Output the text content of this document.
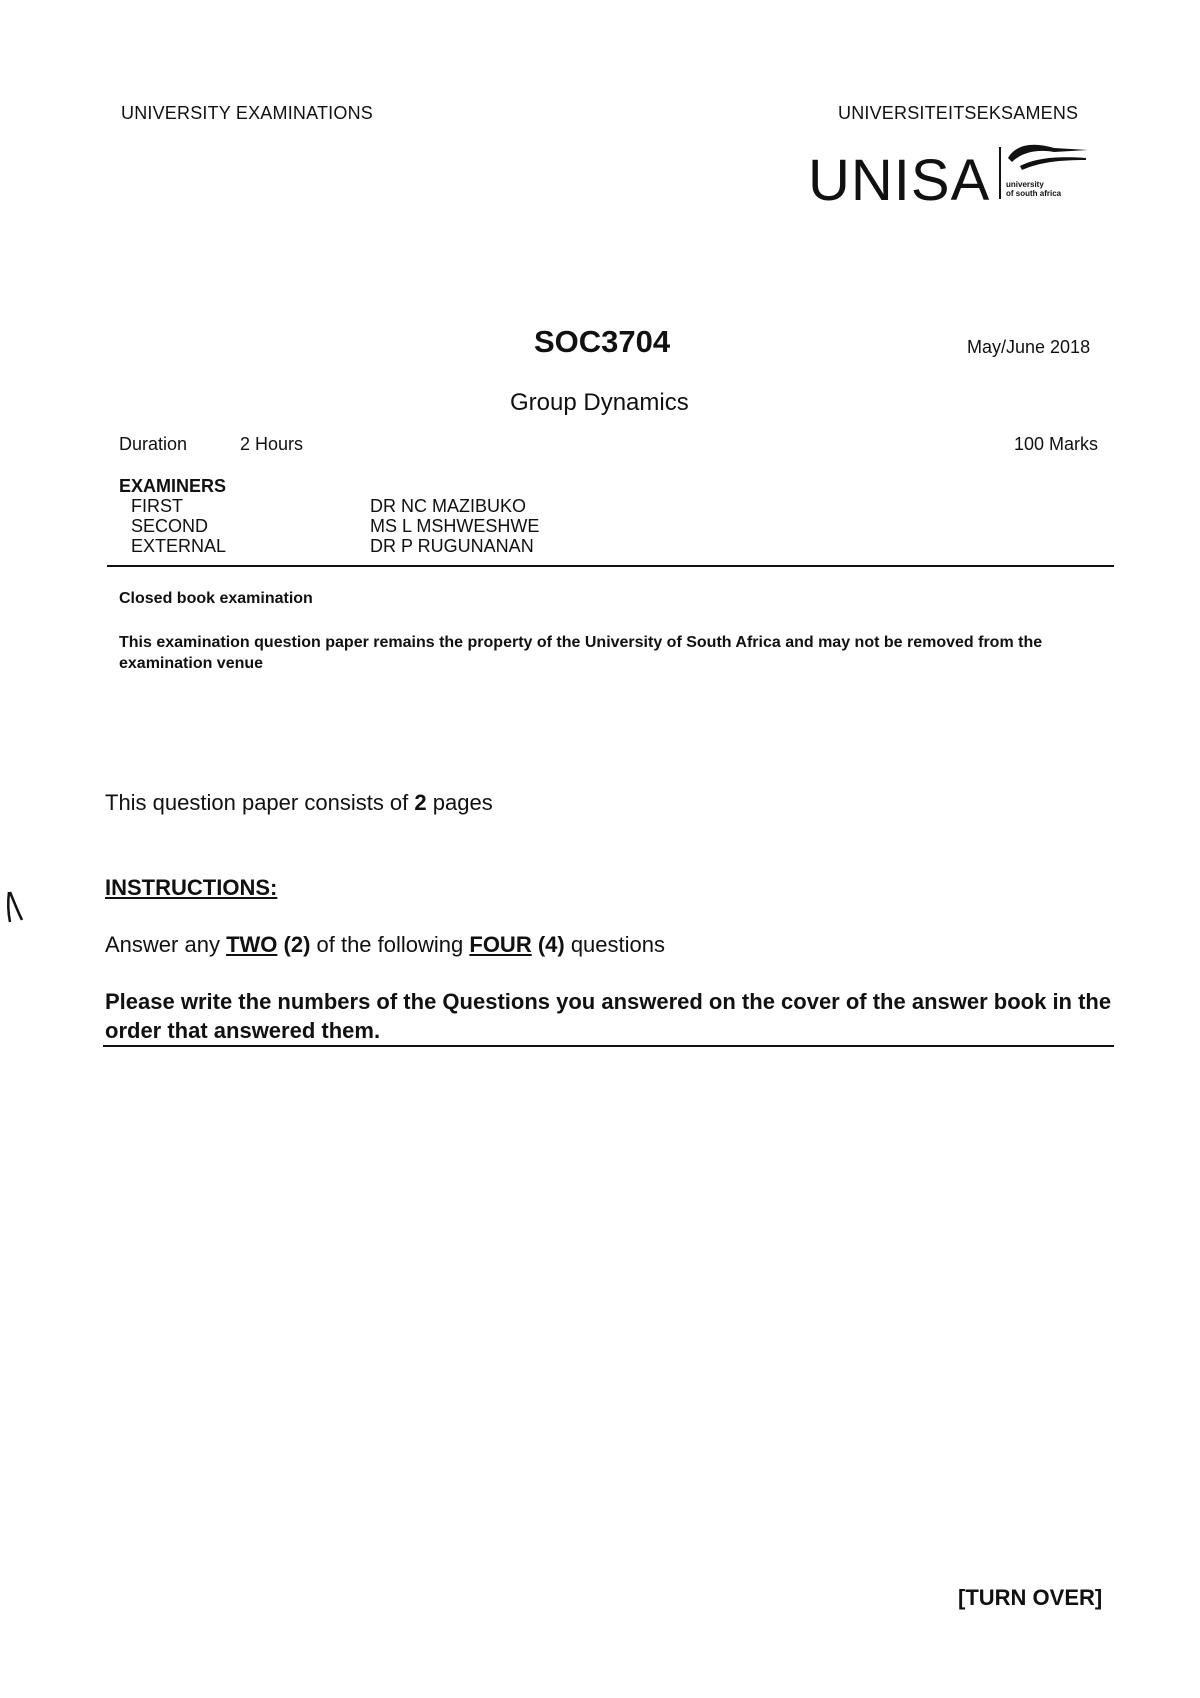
UNIVERSITY EXAMINATIONS	UNIVERSITEITSEKSAMENS

UNISA university
of south africa

SOC3704	May/June 2018

Group Dynamics

Duration	2 Hours	100 Marks

EXAMINERS

FIRST	DR NC MAZIBUKO

SECOND	MS L MSHWESHWE

EXTERNAL	DR P RUGUNANAN

Closed book examination

This examination question paper remains the property of the University of South Africa and may not be removed from the examination venue

This question paper consists of 2 pages

INSTRUCTIONS:

Answer any TWO (2) of the following FOUR (4) questions

Please write the numbers of the Questions you answered on the cover of the answer book in the order that answered them.

[TURN OVER]
